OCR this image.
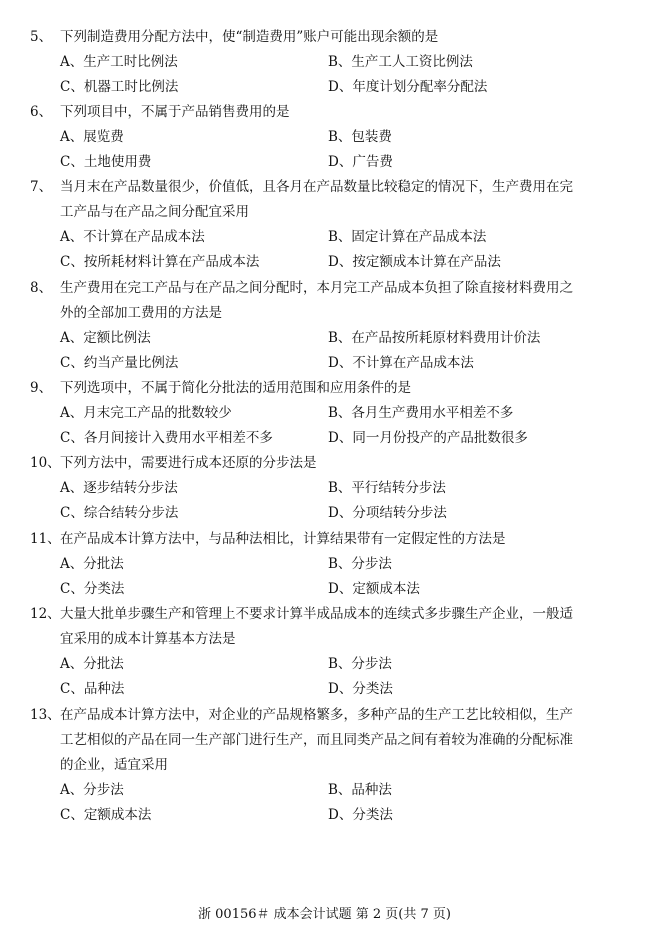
5、 下列制造费用分配方法中，使“制造费用”账户可能出现余额的是
A、生产工时比例法	B、生产工人工资比例法
C、机器工时比例法	D、年度计划分配率分配法
6、 下列项目中，不属于产品销售费用的是
A、展览费	B、包装费
C、土地使用费	D、广告费
7、 当月末在产品数量很少，价值低，且各月在产品数量比较稳定的情况下，生产费用在完
工产品与在产品之间分配宜采用
A、不计算在产品成本法	B、固定计算在产品成本法
C、按所耗材料计算在产品成本法	D、按定额成本计算在产品法
8、 生产费用在完工产品与在产品之间分配时，本月完工产品成本负担了除直接材料费用之
外的全部加工费用的方法是
A、定额比例法	B、在产品按所耗原材料费用计价法
C、约当产量比例法	D、不计算在产品成本法
9、 下列选项中，不属于简化分批法的适用范围和应用条件的是
A、月末完工产品的批数较少	B、各月生产费用水平相差不多
C、各月间接计入费用水平相差不多	D、同一月份投产的产品批数很多
10、 下列方法中，需要进行成本还原的分步法是
A、逐步结转分步法	B、平行结转分步法
C、综合结转分步法	D、分项结转分步法
11、 在产品成本计算方法中，与品种法相比，计算结果带有一定假定性的方法是
A、分批法	B、分步法
C、分类法	D、定额成本法
12、 大量大批单步骤生产和管理上不要求计算半成品成本的连续式多步骤生产企业，一般适
宜采用的成本计算基本方法是
A、分批法	B、分步法
C、品种法	D、分类法
13、 在产品成本计算方法中，对企业的产品规格繁多，多种产品的生产工艺比较相似，生产
工艺相似的产品在同一生产部门进行生产，而且同类产品之间有着较为准确的分配标准
的企业，适宜采用
A、分步法	B、品种法
C、定额成本法	D、分类法
浙 00156＃ 成本会计试题 第 2 页(共 7 页)
